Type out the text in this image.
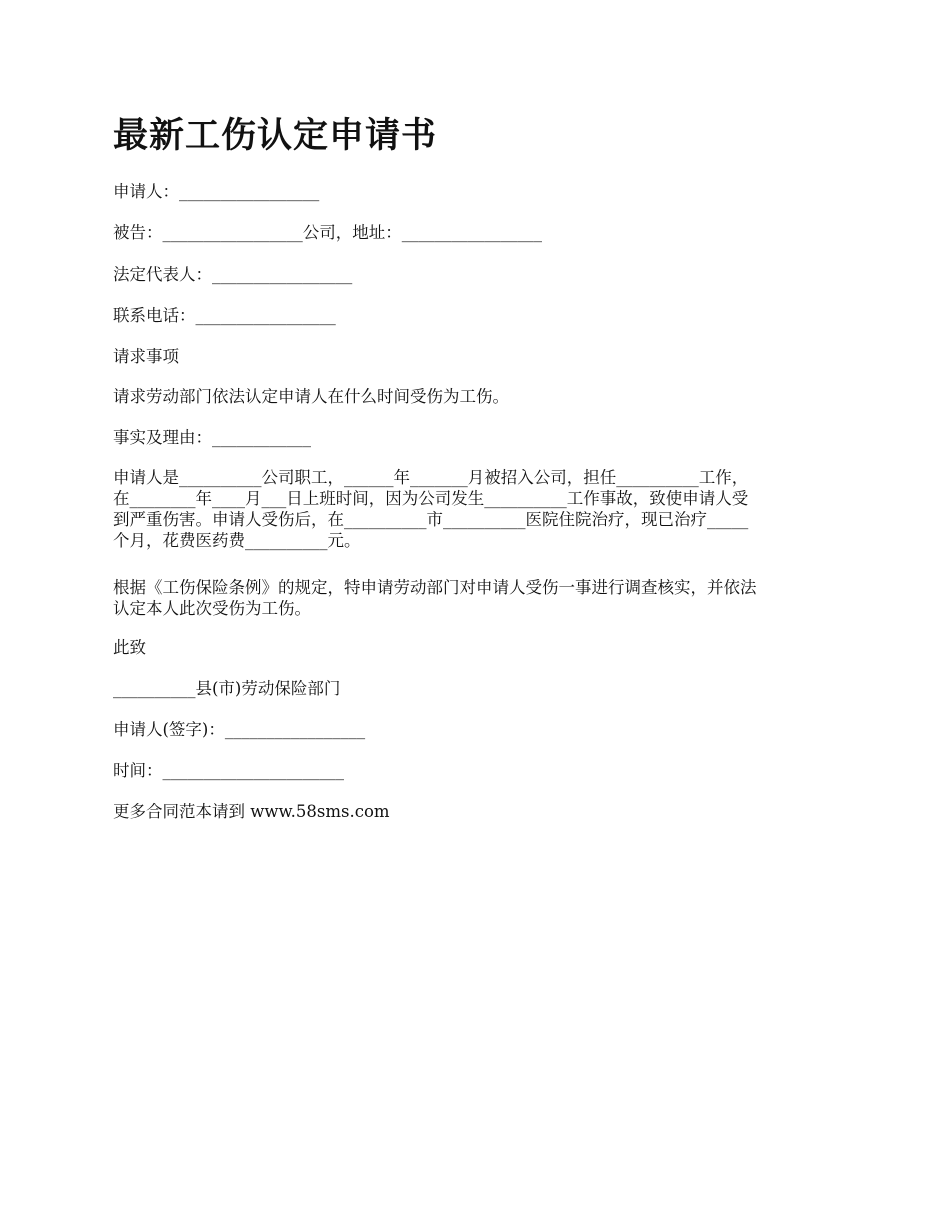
最新工伤认定申请书

申请人：_________________

被告：_________________公司，地址：_________________

法定代表人：_________________

联系电话：_________________

请求事项

请求劳动部门依法认定申请人在什么时间受伤为工伤。

事实及理由：____________

申请人是__________公司职工，______年_______月被招入公司，担任__________工作，
在________年____月___日上班时间，因为公司发生__________工作事故，致使申请人受
到严重伤害。申请人受伤后，在__________市__________医院住院治疗，现已治疗_____
个月，花费医药费__________元。
根据《工伤保险条例》的规定，特申请劳动部门对申请人受伤一事进行调查核实，并依法
认定本人此次受伤为工伤。

此致

__________县(市)劳动保险部门

申请人(签字)：_________________

时间：______________________

更多合同范本请到 www.58sms.com
